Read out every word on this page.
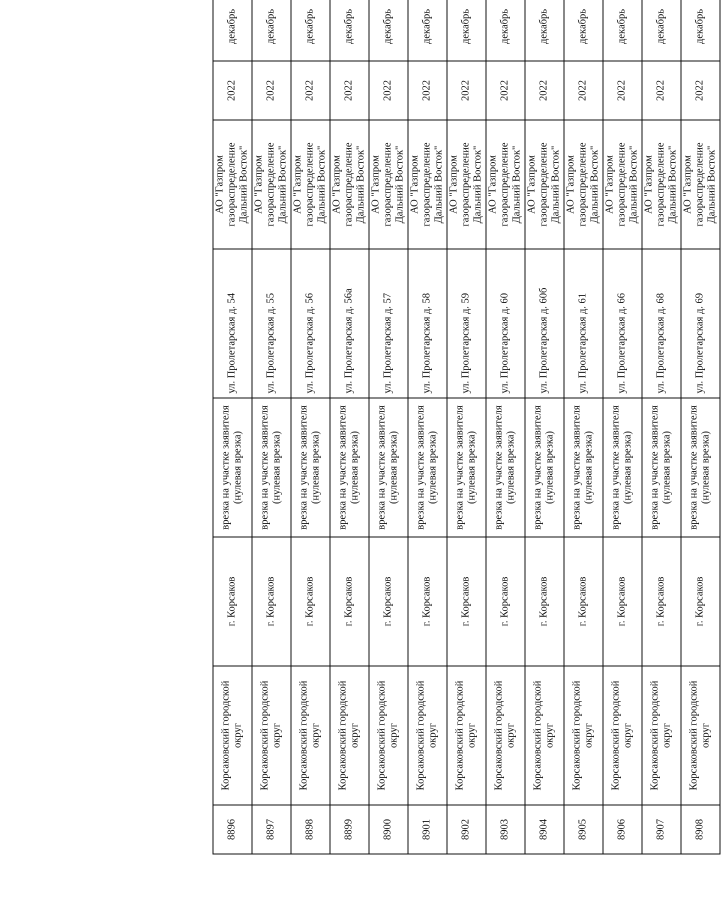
8896	Корсаковский городской округ	г. Корсаков	врезка на участке заявителя (нулевая врезка)	ул. Пролетарская д. 54	АО "Газпром газораспределение Дальний Восток"	2022	декабрь
8897	Корсаковский городской округ	г. Корсаков	врезка на участке заявителя (нулевая врезка)	ул. Пролетарская д. 55	АО "Газпром газораспределение Дальний Восток"	2022	декабрь
8898	Корсаковский городской округ	г. Корсаков	врезка на участке заявителя (нулевая врезка)	ул. Пролетарская д. 56	АО "Газпром газораспределение Дальний Восток"	2022	декабрь
8899	Корсаковский городской округ	г. Корсаков	врезка на участке заявителя (нулевая врезка)	ул. Пролетарская д. 56а	АО "Газпром газораспределение Дальний Восток"	2022	декабрь
8900	Корсаковский городской округ	г. Корсаков	врезка на участке заявителя (нулевая врезка)	ул. Пролетарская д. 57	АО "Газпром газораспределение Дальний Восток"	2022	декабрь
8901	Корсаковский городской округ	г. Корсаков	врезка на участке заявителя (нулевая врезка)	ул. Пролетарская д. 58	АО "Газпром газораспределение Дальний Восток"	2022	декабрь
8902	Корсаковский городской округ	г. Корсаков	врезка на участке заявителя (нулевая врезка)	ул. Пролетарская д. 59	АО "Газпром газораспределение Дальний Восток"	2022	декабрь
8903	Корсаковский городской округ	г. Корсаков	врезка на участке заявителя (нулевая врезка)	ул. Пролетарская д. 60	АО "Газпром газораспределение Дальний Восток"	2022	декабрь
8904	Корсаковский городской округ	г. Корсаков	врезка на участке заявителя (нулевая врезка)	ул. Пролетарская д. 60б	АО "Газпром газораспределение Дальний Восток"	2022	декабрь
8905	Корсаковский городской округ	г. Корсаков	врезка на участке заявителя (нулевая врезка)	ул. Пролетарская д. 61	АО "Газпром газораспределение Дальний Восток"	2022	декабрь
8906	Корсаковский городской округ	г. Корсаков	врезка на участке заявителя (нулевая врезка)	ул. Пролетарская д. 66	АО "Газпром газораспределение Дальний Восток"	2022	декабрь
8907	Корсаковский городской округ	г. Корсаков	врезка на участке заявителя (нулевая врезка)	ул. Пролетарская д. 68	АО "Газпром газораспределение Дальний Восток"	2022	декабрь
8908	Корсаковский городской округ	г. Корсаков	врезка на участке заявителя (нулевая врезка)	ул. Пролетарская д. 69	АО "Газпром газораспределение Дальний Восток"	2022	декабрь
